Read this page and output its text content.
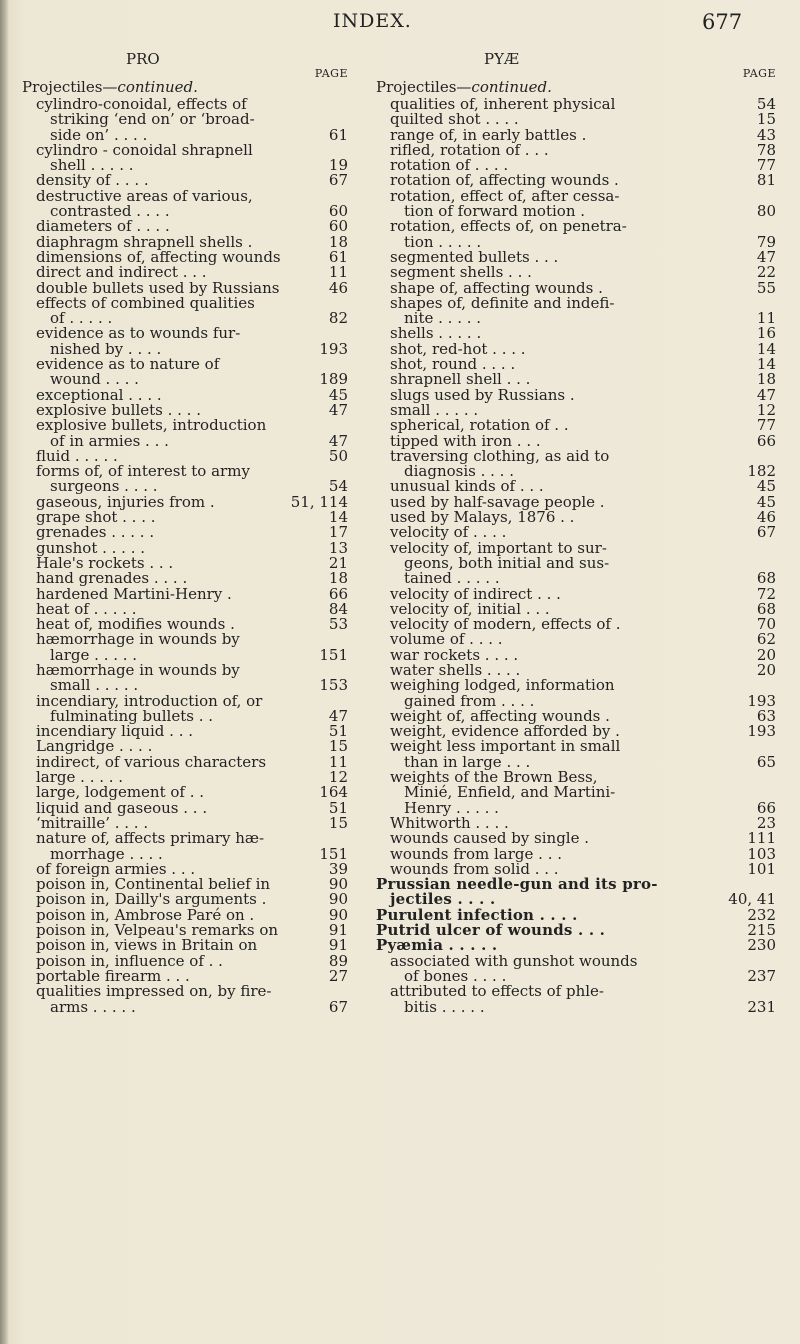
INDEX.	677
PRO
PAGE
Projectiles—continued.
cylindro-conoidal, effects of
striking ‘end on’ or ‘broad-
side on’ . . . .	61
cylindro - conoidal shrapnell
shell . . . . .	19
density of . . . .	67
destructive areas of various,
contrasted . . . .	60
diameters of . . . .	60
diaphragm shrapnell shells .	18
dimensions of, affecting wounds	61
direct and indirect . . .	11
double bullets used by Russians	46
effects of combined qualities
of . . . . .	82
evidence as to wounds fur-
nished by . . . .	193
evidence as to nature of
wound . . . .	189
exceptional . . . .	45
explosive bullets . . . .	47
explosive bullets, introduction
of in armies . . .	47
fluid . . . . .	50
forms of, of interest to army
surgeons . . . .	54
gaseous, injuries from .	51, 114
grape shot . . . .	14
grenades . . . . .	17
gunshot . . . . .	13
Hale's rockets . . .	21
hand grenades . . . .	18
hardened Martini-Henry .	66
heat of . . . . .	84
heat of, modifies wounds .	53
hæmorrhage in wounds by
large . . . . .	151
hæmorrhage in wounds by
small . . . . .	153
incendiary, introduction of, or
fulminating bullets . .	47
incendiary liquid . . .	51
Langridge . . . .	15
indirect, of various characters	11
large . . . . .	12
large, lodgement of . .	164
liquid and gaseous . . .	51
‘mitraille’ . . . .	15
nature of, affects primary hæ-
morrhage . . . .	151
of foreign armies . . .	39
poison in, Continental belief in	90
poison in, Dailly's arguments .	90
poison in, Ambrose Paré on .	90
poison in, Velpeau's remarks on	91
poison in, views in Britain on	91
poison in, influence of . .	89
portable firearm . . .	27
qualities impressed on, by fire-
arms . . . . .	67
PYÆ
PAGE
Projectiles—continued.
qualities of, inherent physical	54
quilted shot . . . .	15
range of, in early battles .	43
rifled, rotation of . . .	78
rotation of . . . .	77
rotation of, affecting wounds .	81
rotation, effect of, after cessa-
tion of forward motion .	80
rotation, effects of, on penetra-
tion . . . . .	79
segmented bullets . . .	47
segment shells . . .	22
shape of, affecting wounds .	55
shapes of, definite and indefi-
nite . . . . .	11
shells . . . . .	16
shot, red-hot . . . .	14
shot, round . . . .	14
shrapnell shell . . .	18
slugs used by Russians .	47
small . . . . .	12
spherical, rotation of . .	77
tipped with iron . . .	66
traversing clothing, as aid to
diagnosis . . . .	182
unusual kinds of . . .	45
used by half-savage people .	45
used by Malays, 1876 . .	46
velocity of . . . .	67
velocity of, important to sur-
geons, both initial and sus-
tained . . . . .	68
velocity of indirect . . .	72
velocity of, initial . . .	68
velocity of modern, effects of .	70
volume of . . . .	62
war rockets . . . .	20
water shells . . . .	20
weighing lodged, information
gained from . . . .	193
weight of, affecting wounds .	63
weight, evidence afforded by .	193
weight less important in small
than in large . . .	65
weights of the Brown Bess,
Minié, Enfield, and Martini-
Henry . . . . .	66
Whitworth . . . .	23
wounds caused by single .	111
wounds from large . . .	103
wounds from solid . . .	101
Prussian needle-gun and its pro-
jectiles . . . .	40, 41
Purulent infection . . . .	232
Putrid ulcer of wounds . . .	215
Pyæmia . . . . .	230
associated with gunshot wounds
of bones . . . .	237
attributed to effects of phle-
bitis . . . . .	231
